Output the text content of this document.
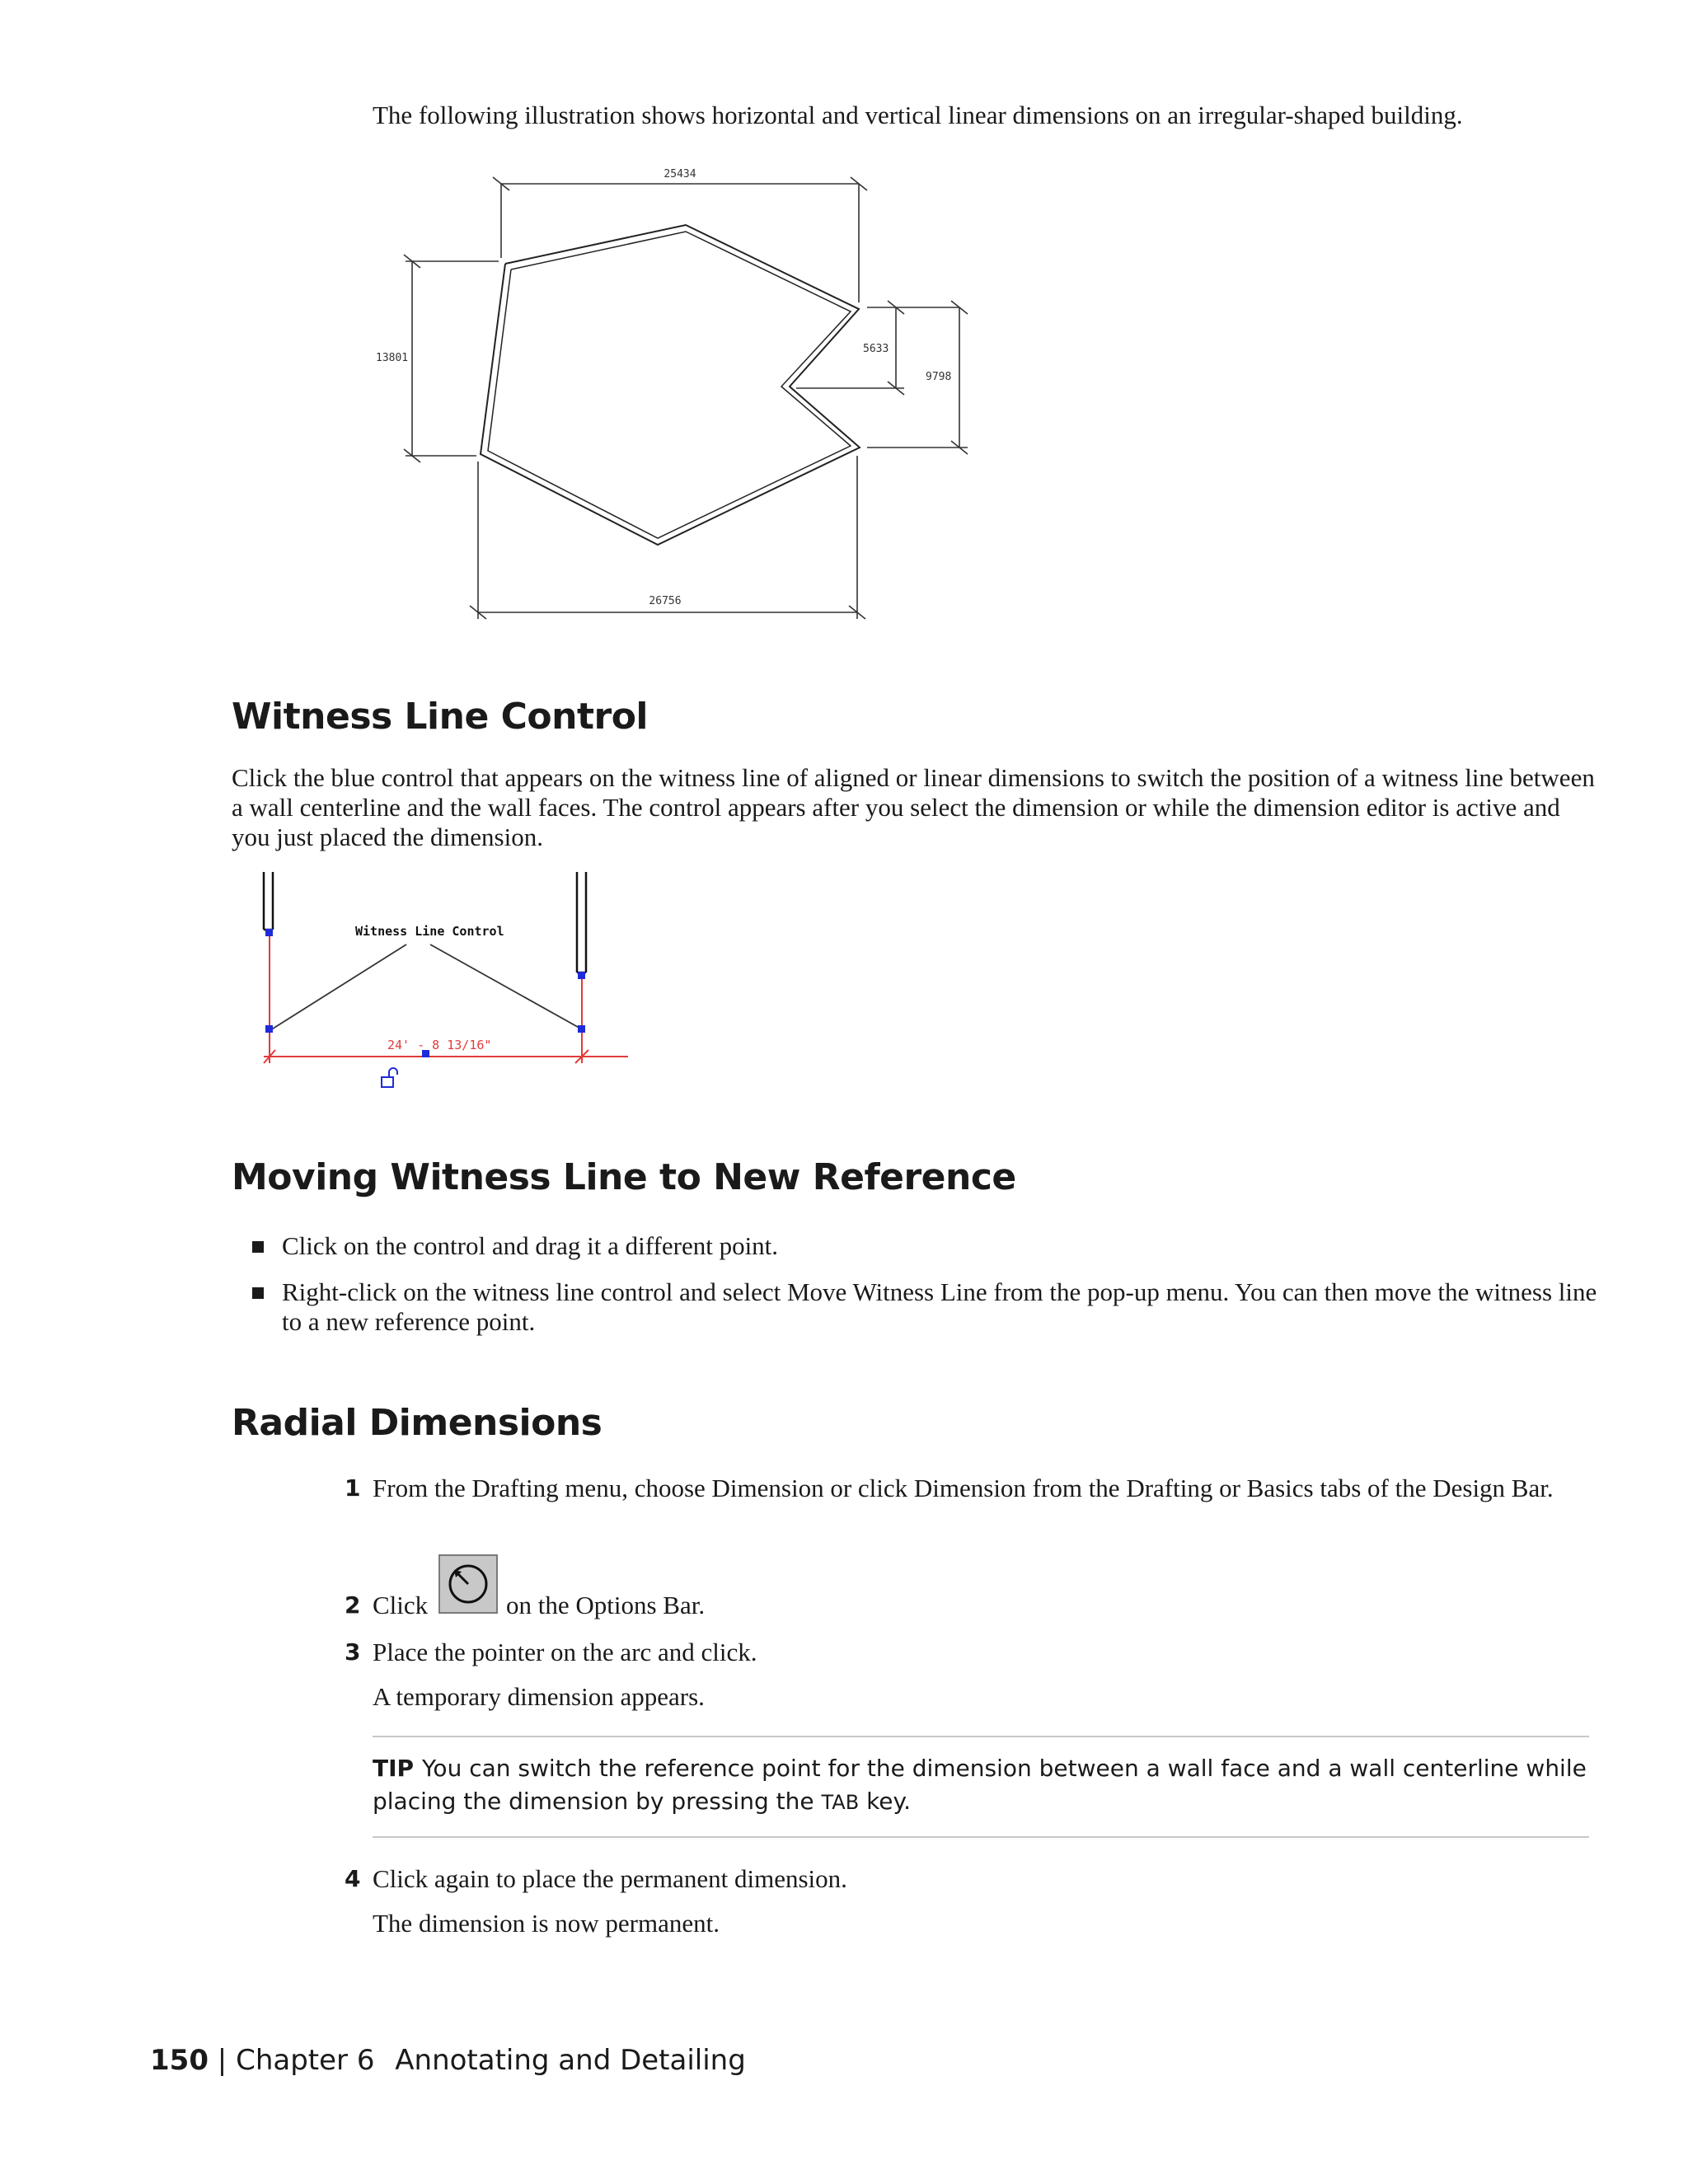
The following illustration shows horizontal and vertical linear dimensions on an irregular-shaped building.
25434
13801
5633
9798
26756
Witness Line Control
Click the blue control that appears on the witness line of aligned or linear dimensions to switch the position of a witness line between a wall centerline and the wall faces. The control appears after you select the dimension or while the dimension editor is active and you just placed the dimension.
Witness Line Control
24' - 8 13/16"
Moving Witness Line to New Reference
Click on the control and drag it a different point.
Right-click on the witness line control and select Move Witness Line from the pop-up menu. You can then move the witness line to a new reference point.
Radial Dimensions
1 From the Drafting menu, choose Dimension or click Dimension from the Drafting or Basics tabs of the Design Bar.
2 Click	on the Options Bar.
3 Place the pointer on the arc and click.
A temporary dimension appears.
TIP You can switch the reference point for the dimension between a wall face and a wall centerline while placing the dimension by pressing the TAB key.
4 Click again to place the permanent dimension.
The dimension is now permanent.
150 | Chapter 6 Annotating and Detailing
